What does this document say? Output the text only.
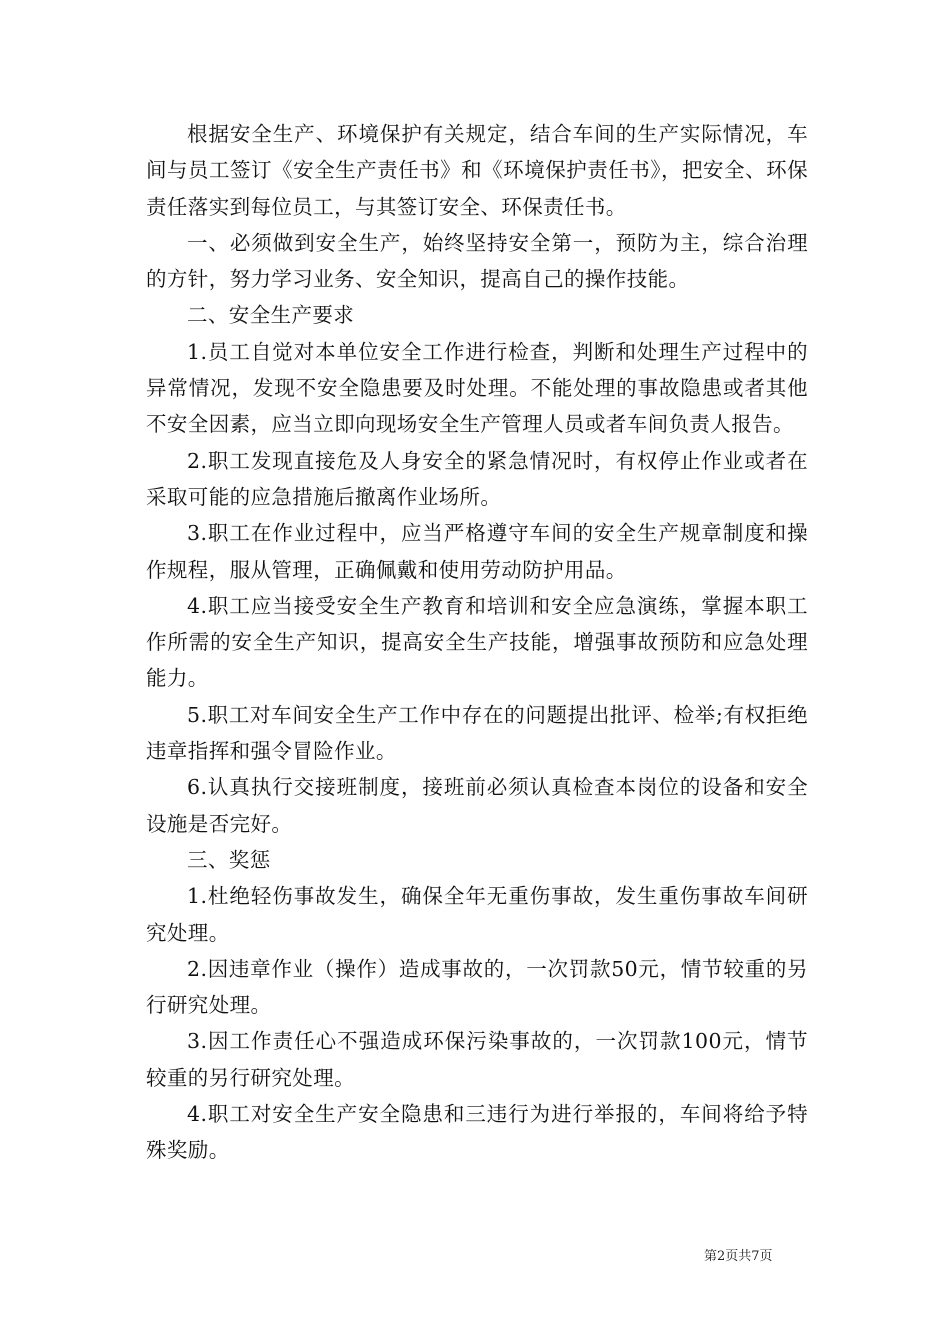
根据安全生产、环境保护有关规定，结合车间的生产实际情况，车间与员工签订《安全生产责任书》和《环境保护责任书》，把安全、环保责任落实到每位员工，与其签订安全、环保责任书。

一、必须做到安全生产，始终坚持安全第一，预防为主，综合治理的方针，努力学习业务、安全知识，提高自己的操作技能。

二、安全生产要求

1.员工自觉对本单位安全工作进行检查，判断和处理生产过程中的异常情况，发现不安全隐患要及时处理。不能处理的事故隐患或者其他不安全因素，应当立即向现场安全生产管理人员或者车间负责人报告。

2.职工发现直接危及人身安全的紧急情况时，有权停止作业或者在采取可能的应急措施后撤离作业场所。

3.职工在作业过程中，应当严格遵守车间的安全生产规章制度和操作规程，服从管理，正确佩戴和使用劳动防护用品。

4.职工应当接受安全生产教育和培训和安全应急演练，掌握本职工作所需的安全生产知识，提高安全生产技能，增强事故预防和应急处理能力。

5.职工对车间安全生产工作中存在的问题提出批评、检举;有权拒绝违章指挥和强令冒险作业。

6.认真执行交接班制度，接班前必须认真检查本岗位的设备和安全设施是否完好。

三、奖惩

1.杜绝轻伤事故发生，确保全年无重伤事故，发生重伤事故车间研究处理。

2.因违章作业（操作）造成事故的，一次罚款50元，情节较重的另行研究处理。

3.因工作责任心不强造成环保污染事故的，一次罚款100元，情节较重的另行研究处理。

4.职工对安全生产安全隐患和三违行为进行举报的，车间将给予特殊奖励。

第2页共7页
